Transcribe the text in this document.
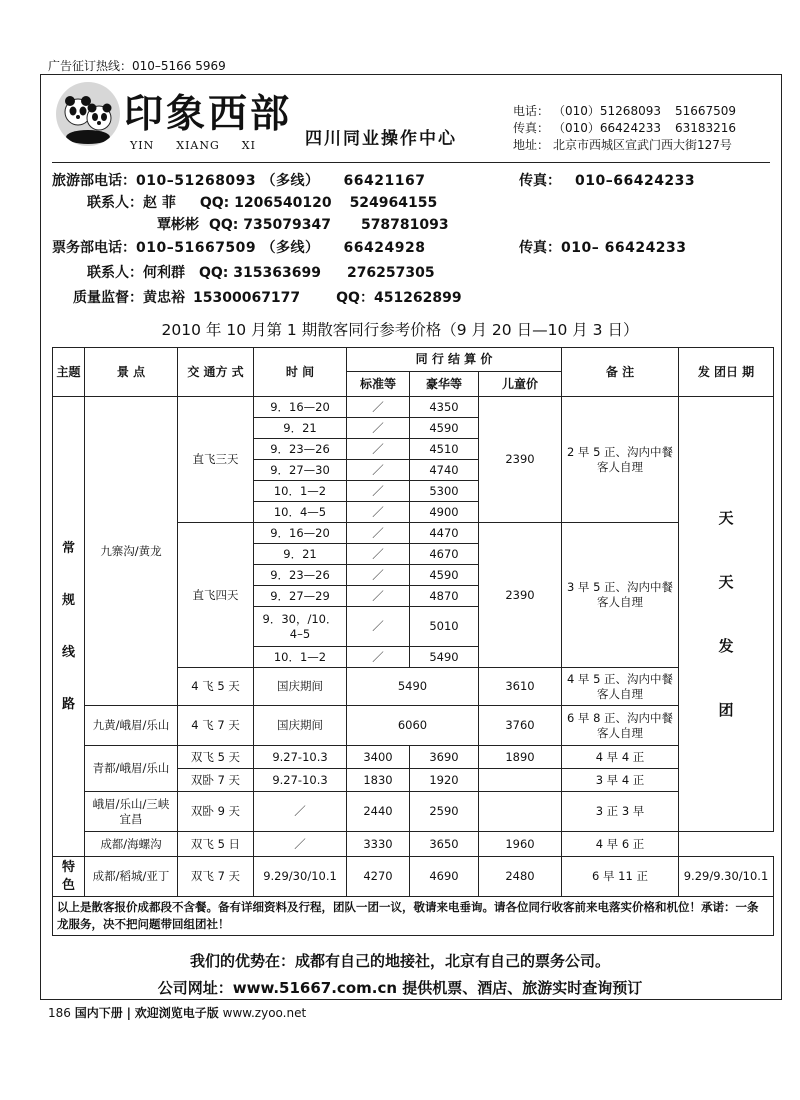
广告征订热线：010–5166 5969
印象西部
YIN XIANG XI	四川同业操作中心
电话： （010）51268093 51667509
传真： （010）66424233 63183216
地址： 北京市西城区宣武门西大街127号
旅游部电话：010–51268093 （多线） 66421167	传真： 010–66424233
联系人：赵 菲 QQ: 1206540120 524964155
覃彬彬 QQ: 735079347 578781093
票务部电话：010–51667509 （多线） 66424928	传真：010– 66424233
联系人：何利群 QQ: 315363699 276257305
质量监督：黄忠裕 15300067177	QQ：451262899
2010 年 10 月第 1 期散客同行参考价格（9 月 20 日—10 月 3 日）
主题	景 点	交 通方 式	时 间	同 行 结 算 价			备 注	发 团日 期
				标准等	豪华等	儿童价		
常
规
线
路	九寨沟/黄龙	直飞三天	9．16—20	／	4350	2390	2 早 5 正、沟内中餐客人自理	天
天
发
团
			9．21	／	4590			
			9．23—26	／	4510			
			9．27—30	／	4740			
			10．1—2	／	5300			
			10．4—5	／	4900			
		直飞四天	9．16—20	／	4470	2390	3 早 5 正、沟内中餐客人自理	
			9．21	／	4670			
			9．23—26	／	4590			
			9．27—29	／	4870			
			9．30，/10．4–5	／	5010			
			10．1—2	／	5490			
		4 飞 5 天	国庆期间	5490		3610	4 早 5 正、沟内中餐客人自理	
	九黄/峨眉/乐山	4 飞 7 天	国庆期间	6060		3760	6 早 8 正、沟内中餐客人自理	
	青都/峨眉/乐山	双飞 5 天	9.27-10.3	3400	3690	1890	4 早 4 正	
		双卧 7 天	9.27-10.3	1830	1920		3 早 4 正	
	峨眉/乐山/三峡宜昌	双卧 9 天	／	2440	2590		3 正 3 早	
	成都/海螺沟	双飞 5 日	／	3330	3650	1960	4 早 6 正	
特
色	成都/稻城/亚丁	双飞 7 天	9.29/30/10.1	4270	4690	2480	6 早 11 正	9.29/9.30/10.1
以上是散客报价成都段不含餐。备有详细资料及行程，团队一团一议，敬请来电垂询。请各位同行收客前来电落实价格和机位！承诺：一条龙服务，决不把问题带回组团社！								
我们的优势在：成都有自己的地接社，北京有自己的票务公司。
公司网址：www.51667.com.cn 提供机票、酒店、旅游实时查询预订
186 国内下册 | 欢迎浏览电子版 www.zyoo.net
